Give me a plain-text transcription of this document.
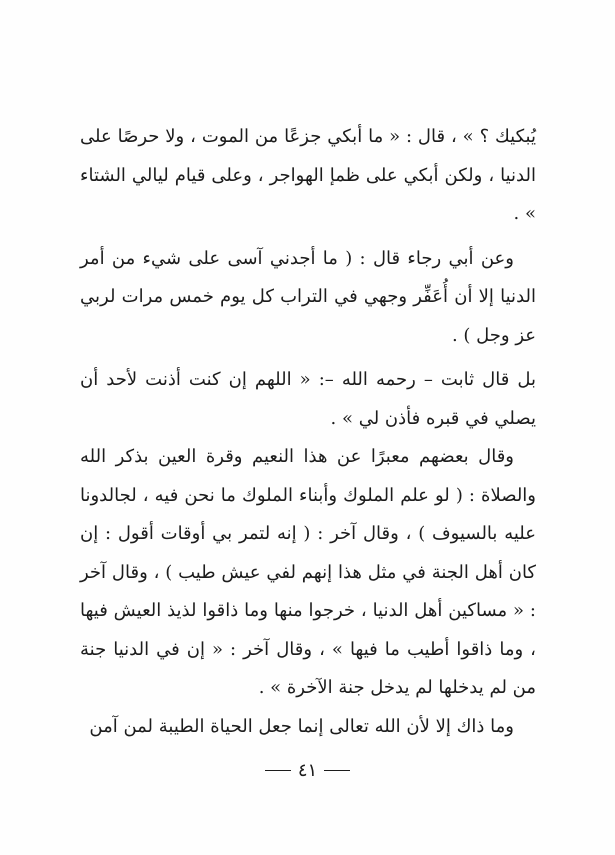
يُبكيك ؟ » ، قال : « ما أبكي جزعًا من الموت ، ولا حرصًا على الدنيا ، ولكن أبكي على ظمإ الهواجر ، وعلى قيام ليالي الشتاء » .

وعن أبي رجاء قال : ( ما أجدني آسى على شيء من أمر الدنيا إلا أن أُعَفِّر وجهي في التراب كل يوم خمس مرات لربي عز وجل ) .

بل قال ثابت – رحمه الله –: « اللهم إن كنت أذنت لأحد أن يصلي في قبره فأذن لي » .

وقال بعضهم معبرًا عن هذا النعيم وقرة العين بذكر الله والصلاة : ( لو علم الملوك وأبناء الملوك ما نحن فيه ، لجالدونا عليه بالسيوف ) ، وقال آخر : ( إنه لتمر بي أوقات أقول : إن كان أهل الجنة في مثل هذا إنهم لفي عيش طيب ) ، وقال آخر : « مساكين أهل الدنيا ، خرجوا منها وما ذاقوا لذيذ العيش فيها ، وما ذاقوا أطيب ما فيها » ، وقال آخر : « إن في الدنيا جنة من لم يدخلها لم يدخل جنة الآخرة » .

وما ذاك إلا لأن الله تعالى إنما جعل الحياة الطيبة لمن آمن

٤١
